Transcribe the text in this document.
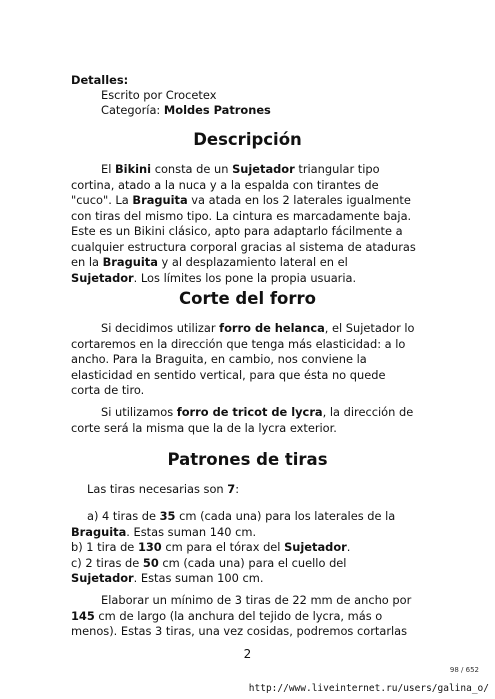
Detalles:
Escrito por Crocetex
Categoría: Moldes Patrones
Descripción
El Bikini consta de un Sujetador triangular tipo
cortina, atado a la nuca y a la espalda con tirantes de
"cuco". La Braguita va atada en los 2 laterales igualmente
con tiras del mismo tipo. La cintura es marcadamente baja.
Este es un Bikini clásico, apto para adaptarlo fácilmente a
cualquier estructura corporal gracias al sistema de ataduras
en la Braguita y al desplazamiento lateral en el
Sujetador. Los límites los pone la propia usuaria.
Corte del forro
Si decidimos utilizar forro de helanca, el Sujetador lo
cortaremos en la dirección que tenga más elasticidad: a lo
ancho. Para la Braguita, en cambio, nos conviene la
elasticidad en sentido vertical, para que ésta no quede
corta de tiro.
Si utilizamos forro de tricot de lycra, la dirección de
corte será la misma que la de la lycra exterior.
Patrones de tiras
Las tiras necesarias son 7:
a) 4 tiras de 35 cm (cada una) para los laterales de la
Braguita. Estas suman 140 cm.
b) 1 tira de 130 cm para el tórax del Sujetador.
c) 2 tiras de 50 cm (cada una) para el cuello del
Sujetador. Estas suman 100 cm.
Elaborar un mínimo de 3 tiras de 22 mm de ancho por
145 cm de largo (la anchura del tejido de lycra, más o
menos). Estas 3 tiras, una vez cosidas, podremos cortarlas
2
98 / 652
http://www.liveinternet.ru/users/galina_o/
